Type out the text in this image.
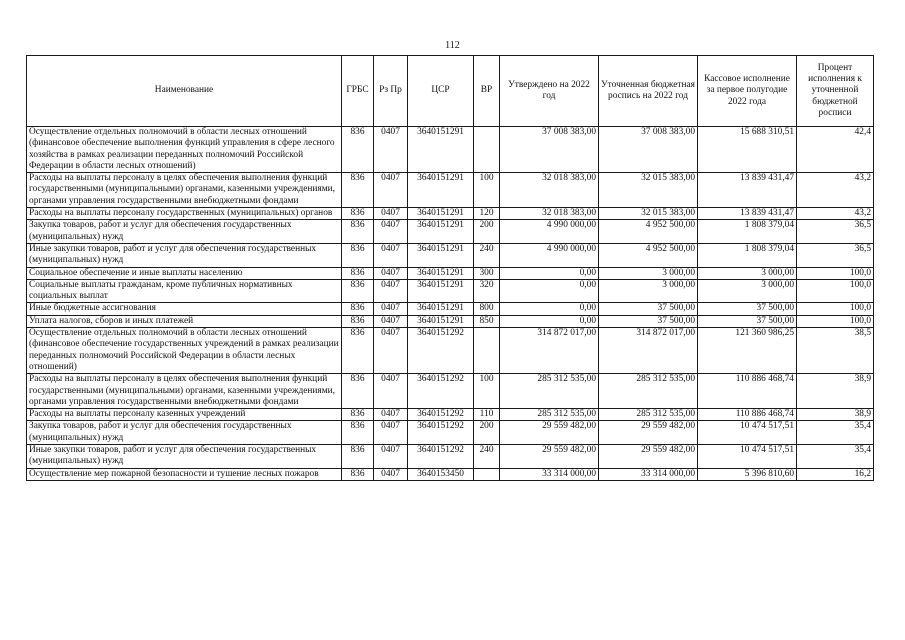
112
Наименование	ГРБС	Рз Пр	ЦСР	ВР	Утверждено на 2022 год	Уточненная бюджетная роспись на 2022 год	Кассовое исполнение за первое полугодие 2022 года	Процент исполнения к уточненной бюджетной росписи
Осуществление отдельных полномочий в области лесных отношений (финансовое обеспечение выполнения функций управления в сфере лесного хозяйства в рамках реализации переданных полномочий Российской Федерации в области лесных отношений)	836	0407	3640151291		37 008 383,00	37 008 383,00	15 688 310,51	42,4
Расходы на выплаты персоналу в целях обеспечения выполнения функций государственными (муниципальными) органами, казенными учреждениями, органами управления государственными внебюджетными фондами	836	0407	3640151291	100	32 018 383,00	32 015 383,00	13 839 431,47	43,2
Расходы на выплаты персоналу государственных (муниципальных) органов	836	0407	3640151291	120	32 018 383,00	32 015 383,00	13 839 431,47	43,2
Закупка товаров, работ и услуг для обеспечения государственных (муниципальных) нужд	836	0407	3640151291	200	4 990 000,00	4 952 500,00	1 808 379,04	36,5
Иные закупки товаров, работ и услуг для обеспечения государственных (муниципальных) нужд	836	0407	3640151291	240	4 990 000,00	4 952 500,00	1 808 379,04	36,5
Социальное обеспечение и иные выплаты населению	836	0407	3640151291	300	0,00	3 000,00	3 000,00	100,0
Социальные выплаты гражданам, кроме публичных нормативных социальных выплат	836	0407	3640151291	320	0,00	3 000,00	3 000,00	100,0
Иные бюджетные ассигнования	836	0407	3640151291	800	0,00	37 500,00	37 500,00	100,0
Уплата налогов, сборов и иных платежей	836	0407	3640151291	850	0,00	37 500,00	37 500,00	100,0
Осуществление отдельных полномочий в области лесных отношений (финансовое обеспечение государственных учреждений в рамках реализации переданных полномочий Российской Федерации в области лесных отношений)	836	0407	3640151292		314 872 017,00	314 872 017,00	121 360 986,25	38,5
Расходы на выплаты персоналу в целях обеспечения выполнения функций государственными (муниципальными) органами, казенными учреждениями, органами управления государственными внебюджетными фондами	836	0407	3640151292	100	285 312 535,00	285 312 535,00	110 886 468,74	38,9
Расходы на выплаты персоналу казенных учреждений	836	0407	3640151292	110	285 312 535,00	285 312 535,00	110 886 468,74	38,9
Закупка товаров, работ и услуг для обеспечения государственных (муниципальных) нужд	836	0407	3640151292	200	29 559 482,00	29 559 482,00	10 474 517,51	35,4
Иные закупки товаров, работ и услуг для обеспечения государственных (муниципальных) нужд	836	0407	3640151292	240	29 559 482,00	29 559 482,00	10 474 517,51	35,4
Осуществление мер пожарной безопасности и тушение лесных пожаров	836	0407	3640153450		33 314 000,00	33 314 000,00	5 396 810,60	16,2
